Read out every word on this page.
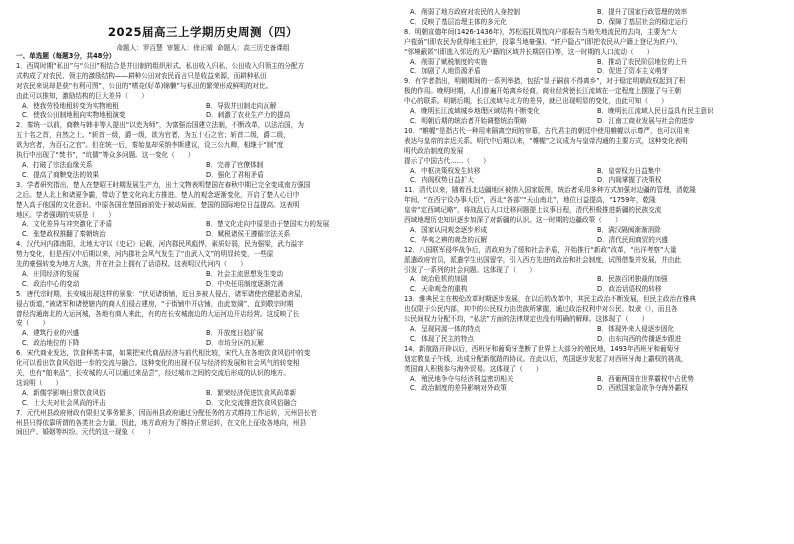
2025届高三上学期历史周测（四）
命题人：罗百慧 审题人：徐正晴 命题人：高三历史备课组

一、单选题（每题3分，共48分）

1．西周时期“私田”与“公田”相结合是井田制的组织形式。私田收入归私，公田收入归领主的分配方

式构成了对农民、领主的激励结构——耕种公田对农民而言只是收益来源，而耕种私田

对农民来说却是获“有利可图”，公田的“嗜竞(好革)锦懒”与私田的繁荣形成鲜明的对比。

由此可以推知，激励结构的巨大差异（　　）

A．使我劳役地租转变为实物地租	B．导致井田制走向瓦解
C．使我公田制地租向实物地租演变	D．刺激了农业生产力的提高

2．秦统一以前，商鞅与韩非等人提出“以吏为师”，为富强治国建立法制，不断改革，以法治国，为

五十名之首，自然之士。“斩首一级，爵一级，欲为官者，为五十石之官；斩首二级，爵二级，

欲为官者，为百石之官”。但在统一后，秦始皇却采纳李斯建议，设三公九卿，相继于“制”度

执行中出现了“焚书”，“坑儒”等众多问题。这一变化（　　）

A．打破了宗法血缘关系	B．完善了官僚体制
C．提高了商鞅变法的效果	D．强化了君相矛盾

3．学者研究指出，楚人在楚昭王时期发展生产力，出土文物表明楚国在春秋中期已完全变成南方强国

之后。楚人北上和诸夏争霸，带动了楚文化向北方推进。楚人的观念逐渐变化，开启了楚人心目中

楚人高于他国的文化意识。中原各国在楚国面前处于被动局面，楚国的国际地位日益提高。这表明

地区。学者强调的实质是（　　）

A．文化差异与冲突激化了矛盾	B．楚文化走向中原是由于楚国实力的发展
C．张楚政权推翻了秦朝统治	D．赋税诸侯王遵循宗法关系

4．汉代河内郡南阳，北地太守以《史记》记载，河内郡民风彪悍，素质好弱，民为强梁，武力溢字

势力变化，但是西汉中后期以来，河内郡社会风气发生了“由武入文”的明显转变，一些原

先的豪强转变为地方大族，并在社会上拥有了话语权。这表明汉代河内（　　）

A．庄园经济的发展	B．社会主流思想发生变动
C．政治中心的变动	D．中央任用制度逐渐完善

5．唐代宗时期，长安城出现这样的景象：“伏见诸街铺，近日多被人侵占，诸军诸使官健起造舍屋，

侵占街道，”被诸军和诸使辖内的商人们侵占建房，“于街铺中开店铺，由此宽阔”，直到敬宗时期

曾经沟通南北的大运河城，各地有商人来此，有的在长安城南边的大运河边开店经营。这反映了长

安（　　）

A．建筑行业的兴盛	B．开放度日趋扩展
C．政治地位的下降	D．市坊分区的瓦解

6．宋代商业发达，饮食种类丰富，如果把宋代商品经济与前代相比较，宋代人在各地饮食风俗中的变

化可以看出饮食风俗进一步的交流与融合。这种变化的出现不仅与经济的发展和社会风气的转变相

关，也有“舶来品”，长安城的人可以通过来品尝”，经过城市之间的交流后形成的认识的地方。

这说明（　　）

A．新儒学影响日常饮食风俗	B．繁荣经济促进饮食风尚革新
C．士大夫对社会风尚的评击	D．文化交流推进饮食风俗融合

7．元代州县政府财政有限但又事务繁多，因而州县政府通过分配任务的方式维持工作运转，元州县长官

州县只得依靠所谓的各类社会力量，因此，地方政府为了维持正常运转，在文化上征收各地向，州县

间田产、婚姻等纠纷。元代的这一现象（　　）

A．削弱了地方政府对农民的人身控制	B．提升了国家行政管理的效率
C．反映了基层治理主体的多元化	D．保障了基层社会的稳定运行

8．明朝宣德年间(1426-1436年)，苏松巡抚周忱向户部报告当地失地流民的去向，主要为“大

户苞荫”(即农民为获得地主庇护，投靠当地豪强)、“匠户隐占”(即把农民从户籍上登记为匠户)、

“邻境蔽匿”(即逃入邻近的无户籍的区域并长期居住)等，这一时期的人口流动（　　）

A．削弱了赋税制度的实施	B．推动了农民阶层地位的上升
C．加剧了人地资源矛盾	D．促进了资本主义萌芽

9．有学者指出，明朝期间的一系列举措，包括“显子嗣前不得离乡”，对于稳定明朝政权起到了积

极的作用。晚明时期，人们普遍开始离乡经商，商业经营使长江流域在一定程度上摆脱了与王朝

中心的联系。明朝后期，长江流域与北方的差异，就已出现明显的变化，由此可知（　　）

A．晚明长江流域城乡地理区域结构不断变化	B．晚明长江流域人民日益具有民主意识
C．明朝后期的统治者开始调整统治策略	D．江南工商业发展与社会的进步

10．“帷幄”是指古代一种用来隔离空间的帘幕，古代君主的朝廷中使用帷幄以示尊严，也可以用来

表达与皇帝的亲近关系。明代中后期以来，“帷幄”之议成为与皇帝沟通的主要方式，这种变化表明

明代政治制度的发展

提示了中国古代……（　　）

A．中枢决策权发生转移	B．皇帝权力日益集中
C．内阁权势日益扩大	D．内阁掌握了决策权

11．清代以来，随着西北边疆地区被纳入国家版图，统治者采用多种方式加强对边疆的管理，清乾隆

年间，“在西宁设办事大臣”，西北“各部”“天山南北”，地位日益提高，“1759年，乾隆

皇帝“定西域记略”，将战乱后人口迁移问题提上议事日程，清代积极推进新疆的民族交流

西域地理历史知识逐步加深了对新疆的认识。这一时期的边疆政策（　　）

A．国家认同观念逐步形成	B．满汉隔阂渐渐消除
C．华夷之辨的观念的瓦解	D．清代民间商贸的兴盛

12．八国联军侵华战争后，清政府为了缓和社会矛盾，开始推行“新政”改革，“出洋考察”大量

派遣政府官员，派遣学生出国留学，引入西方先进的政治和社会制度，试图借鉴并发展，并由此

引发了一系列的社会问题。这体现了（　　）

A．统治危机的加剧	B．民族百团独裁的加强
C．天命观念的重构	D．政治话语权的转移

13．雅典民主在梭伦改革时期逐步发展，在以后的改革中，其民主政治不断发展，但民主政治在雅典

也仅限于公民内部，其中的公民权力由贵族所掌握，通过政治权利中对公民、奴隶（），而且各

公民间权力分配不均，“私法”方面的法律规定也没有明确的解释。这体现了（　　）

A．呈现同源一体的特点	B．体现外来人侵逐步固化
C．体现了民主的特点	D．由东向西的传播逐步跟进

14．新航路开辟以后，西班牙和葡萄牙垄断了世界上大部分的殖民地，1493年西班牙和葡萄牙

划定教皇子午线，达成分配新航路的协议。在此以后，英国逐步发起了对西班牙海上霸权的挑战，

英国商人积极参与海外贸易。这体现了（　　）

A．殖民地争夺与经济利益密切相关	B．西葡两国在世界霸权中占优势
C．政治制度的差异影响对外政策	D．西欧国家急欲争夺海外霸权
